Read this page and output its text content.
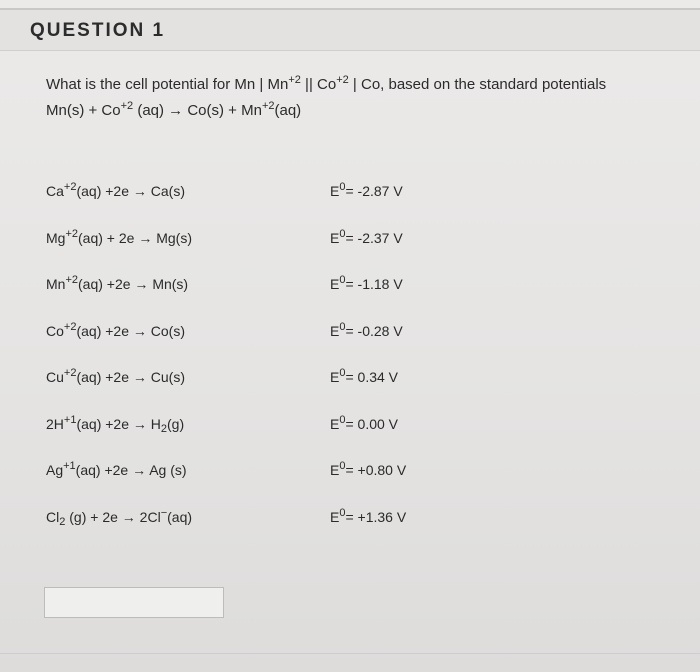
QUESTION 1
What is the cell potential for Mn | $Mn^{+2}$ || $Co^{+2}$ | Co, based on the standard potentials
$Mn(s) + Co^{+2}$ $(aq) \to Co(s) + Mn^{+2}(aq)$
$Ca^{+2}(aq) +2e \to Ca(s)$	$E^0= -2.87$ V
$Mg^{+2}(aq) + 2e \to Mg(s)$	$E^0= -2.37$ V
$Mn^{+2}(aq) +2e \to Mn(s)$	$E^0= -1.18$ V
$Co^{+2}(aq) +2e \to Co(s)$	$E^0= -0.28$ V
$Cu^{+2}(aq) +2e \to Cu(s)$	$E^0= 0.34$ V
$2H^{+1}(aq) +2e \to H_2(g)$	$E^0= 0.00$ V
$Ag^{+1}(aq) +2e \to Ag$ (s)	$E^0= +0.80$ V
$Cl_2$ (g) + 2e → 2Cl−(aq)	$E^0= +1.36$ V
